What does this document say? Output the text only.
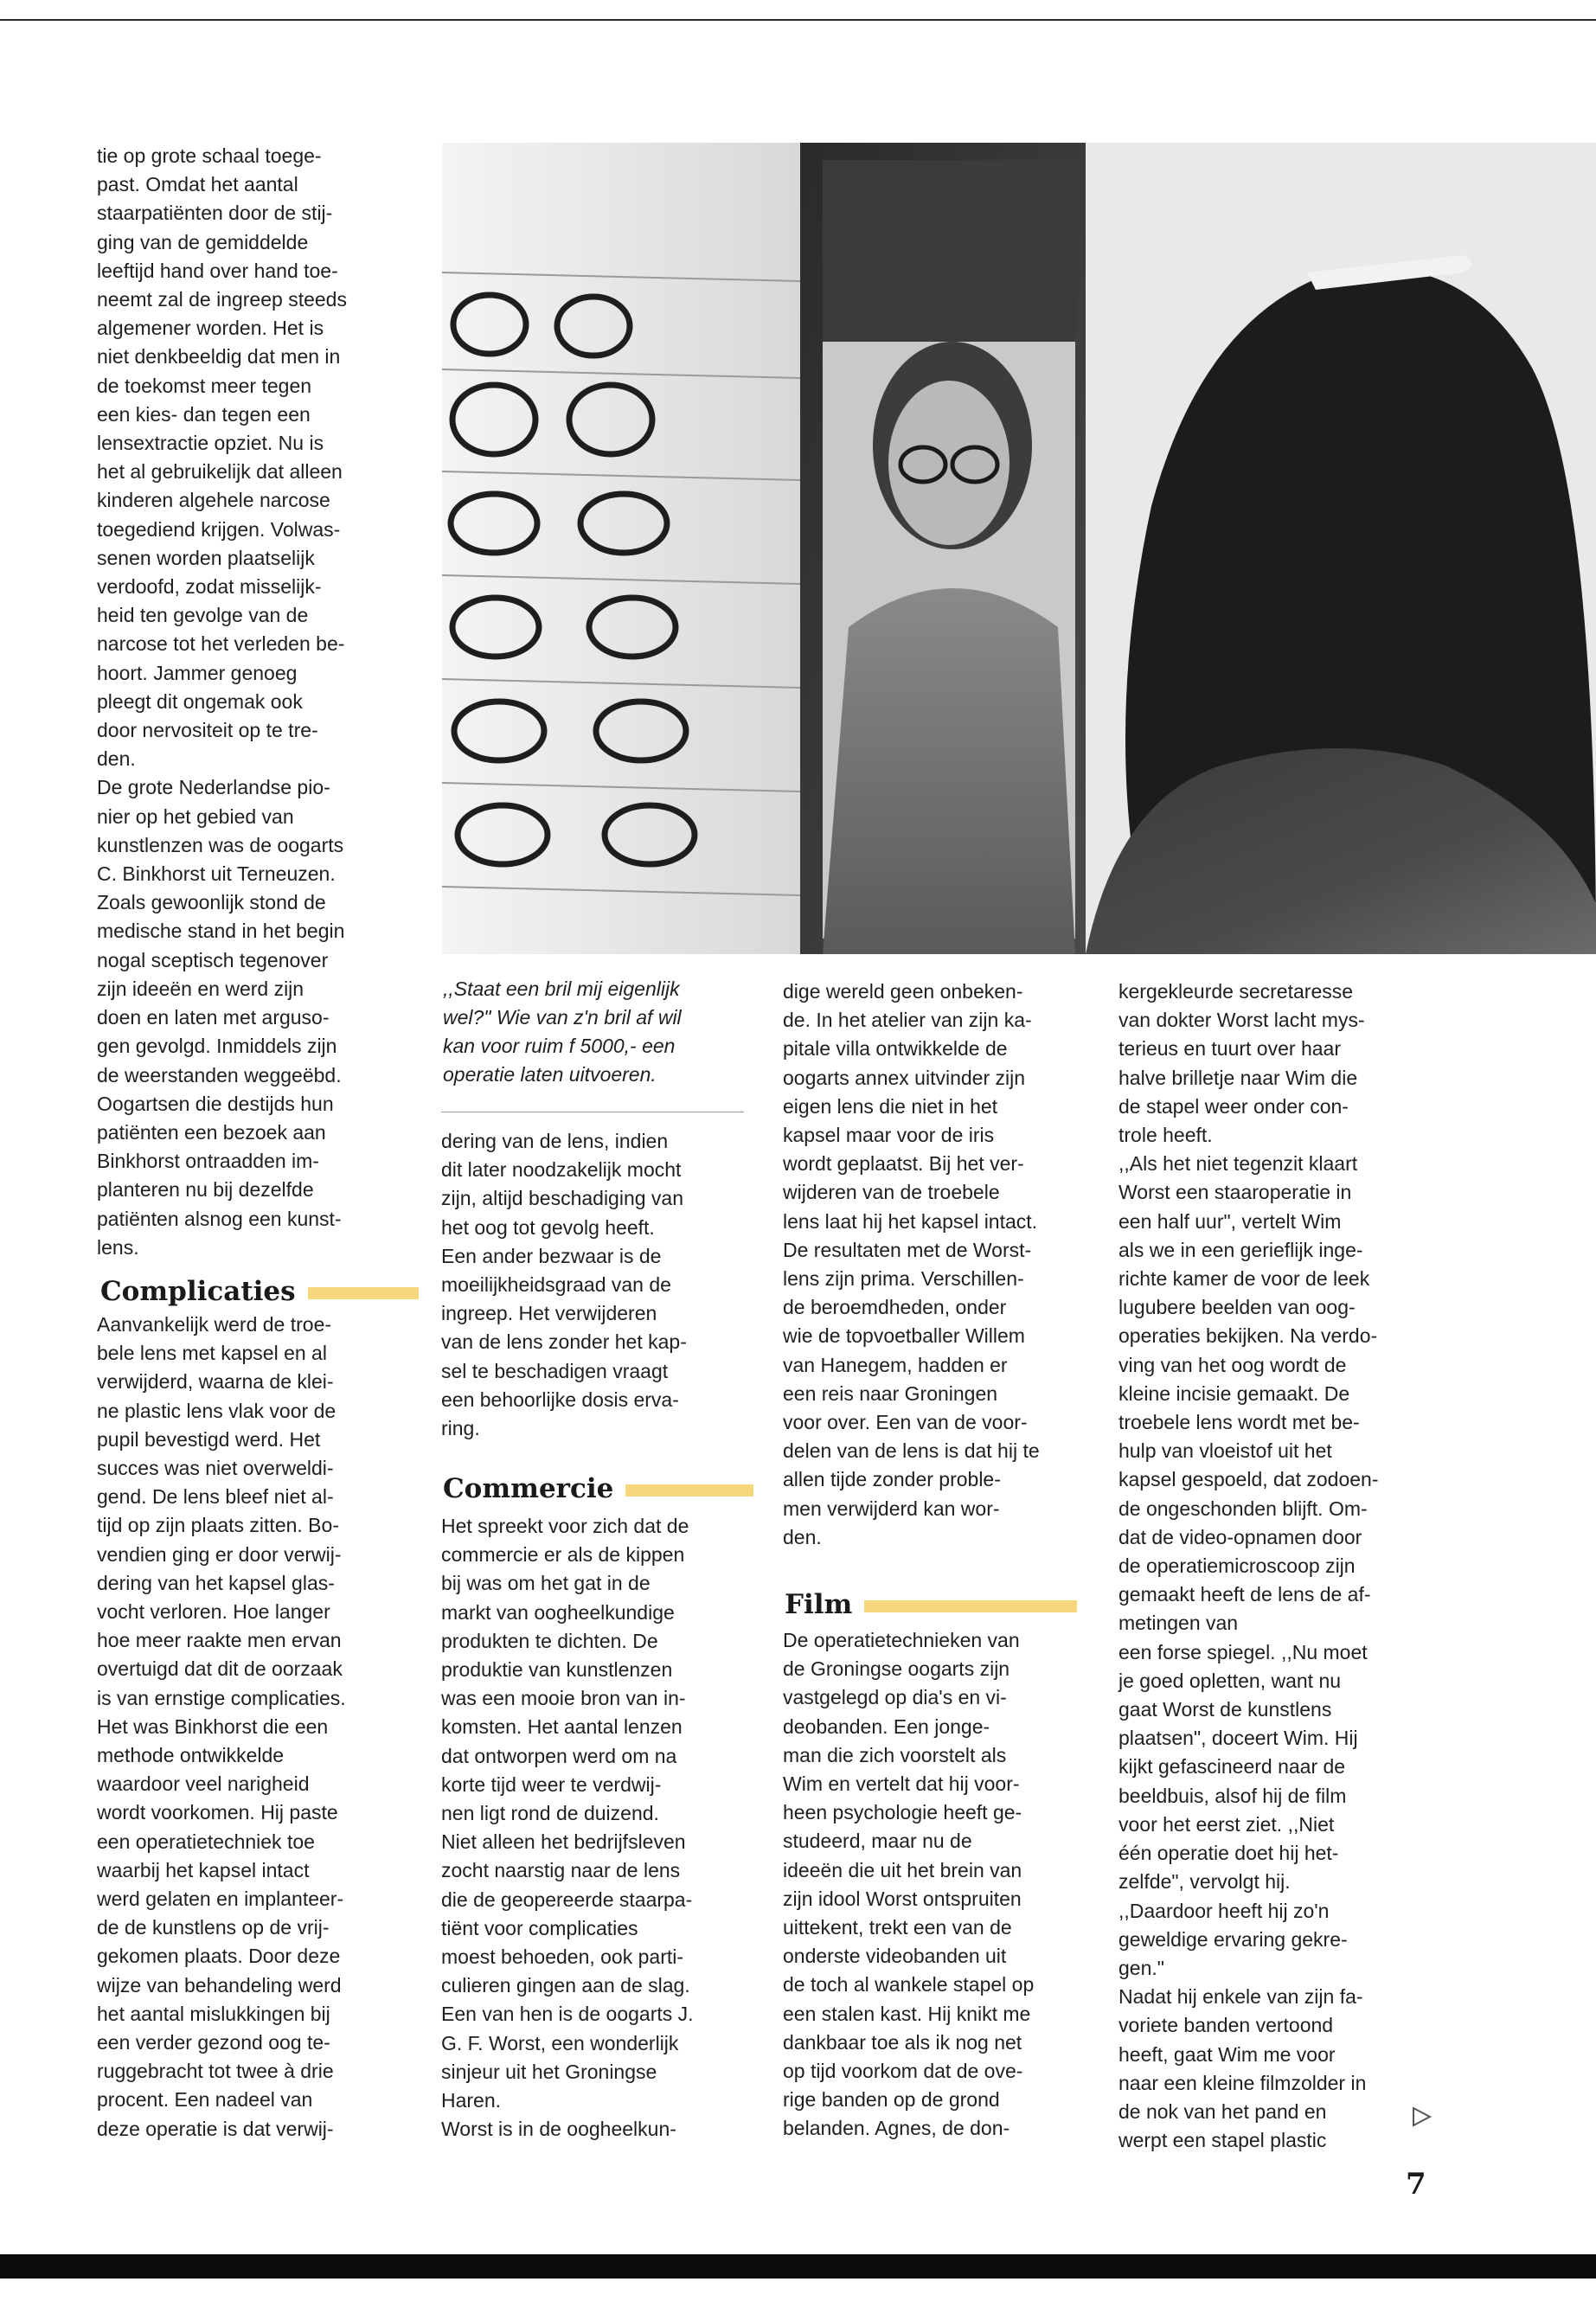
tie op grote schaal toege-
past. Omdat het aantal
staarpatiënten door de stij-
ging van de gemiddelde
leeftijd hand over hand toe-
neemt zal de ingreep steeds
algemener worden. Het is
niet denkbeeldig dat men in
de toekomst meer tegen
een kies- dan tegen een
lensextractie opziet. Nu is
het al gebruikelijk dat alleen
kinderen algehele narcose
toegediend krijgen. Volwas-
senen worden plaatselijk
verdoofd, zodat misselijk-
heid ten gevolge van de
narcose tot het verleden be-
hoort. Jammer genoeg
pleegt dit ongemak ook
door nervositeit op te tre-
den.
De grote Nederlandse pio-
nier op het gebied van
kunstlenzen was de oogarts
C. Binkhorst uit Terneuzen.
Zoals gewoonlijk stond de
medische stand in het begin
nogal sceptisch tegenover
zijn ideeën en werd zijn
doen en laten met arguso-
gen gevolgd. Inmiddels zijn
de weerstanden weggeëbd.
Oogartsen die destijds hun
patiënten een bezoek aan
Binkhorst ontraadden im-
planteren nu bij dezelfde
patiënten alsnog een kunst-
lens.

Complicaties

Aanvankelijk werd de troe-
bele lens met kapsel en al
verwijderd, waarna de klei-
ne plastic lens vlak voor de
pupil bevestigd werd. Het
succes was niet overweldi-
gend. De lens bleef niet al-
tijd op zijn plaats zitten. Bo-
vendien ging er door verwij-
dering van het kapsel glas-
vocht verloren. Hoe langer
hoe meer raakte men ervan
overtuigd dat dit de oorzaak
is van ernstige complicaties.
Het was Binkhorst die een
methode ontwikkelde
waardoor veel narigheid
wordt voorkomen. Hij paste
een operatietechniek toe
waarbij het kapsel intact
werd gelaten en implanteer-
de de kunstlens op de vrij-
gekomen plaats. Door deze
wijze van behandeling werd
het aantal mislukkingen bij
een verder gezond oog te-
ruggebracht tot twee à drie
procent. Een nadeel van
deze operatie is dat verwij-

,,Staat een bril mij eigenlijk
wel?" Wie van z'n bril af wil
kan voor ruim f 5000,- een
operatie laten uitvoeren.

dering van de lens, indien
dit later noodzakelijk mocht
zijn, altijd beschadiging van
het oog tot gevolg heeft.
Een ander bezwaar is de
moeilijkheidsgraad van de
ingreep. Het verwijderen
van de lens zonder het kap-
sel te beschadigen vraagt
een behoorlijke dosis erva-
ring.

Commercie

Het spreekt voor zich dat de
commercie er als de kippen
bij was om het gat in de
markt van oogheelkundige
produkten te dichten. De
produktie van kunstlenzen
was een mooie bron van in-
komsten. Het aantal lenzen
dat ontworpen werd om na
korte tijd weer te verdwij-
nen ligt rond de duizend.
Niet alleen het bedrijfsleven
zocht naarstig naar de lens
die de geopereerde staarpa-
tiënt voor complicaties
moest behoeden, ook parti-
culieren gingen aan de slag.
Een van hen is de oogarts J.
G. F. Worst, een wonderlijk
sinjeur uit het Groningse
Haren.
Worst is in de oogheelkun-

dige wereld geen onbeken-
de. In het atelier van zijn ka-
pitale villa ontwikkelde de
oogarts annex uitvinder zijn
eigen lens die niet in het
kapsel maar voor de iris
wordt geplaatst. Bij het ver-
wijderen van de troebele
lens laat hij het kapsel intact.
De resultaten met de Worst-
lens zijn prima. Verschillen-
de beroemdheden, onder
wie de topvoetballer Willem
van Hanegem, hadden er
een reis naar Groningen
voor over. Een van de voor-
delen van de lens is dat hij te
allen tijde zonder proble-
men verwijderd kan wor-
den.

Film

De operatietechnieken van
de Groningse oogarts zijn
vastgelegd op dia's en vi-
deobanden. Een jonge-
man die zich voorstelt als
Wim en vertelt dat hij voor-
heen psychologie heeft ge-
studeerd, maar nu de
ideeën die uit het brein van
zijn idool Worst ontspruiten
uittekent, trekt een van de
onderste videobanden uit
de toch al wankele stapel op
een stalen kast. Hij knikt me
dankbaar toe als ik nog net
op tijd voorkom dat de ove-
rige banden op de grond
belanden. Agnes, de don-

kergekleurde secretaresse
van dokter Worst lacht mys-
terieus en tuurt over haar
halve brilletje naar Wim die
de stapel weer onder con-
trole heeft.
,,Als het niet tegenzit klaart
Worst een staaroperatie in
een half uur", vertelt Wim
als we in een gerieflijk inge-
richte kamer de voor de leek
lugubere beelden van oog-
operaties bekijken. Na verdo-
ving van het oog wordt de
kleine incisie gemaakt. De
troebele lens wordt met be-
hulp van vloeistof uit het
kapsel gespoeld, dat zodoen-
de ongeschonden blijft. Om-
dat de video-opnamen door
de operatiemicroscoop zijn
gemaakt heeft de lens de af-
metingen van
een forse spiegel. ,,Nu moet
je goed opletten, want nu
gaat Worst de kunstlens
plaatsen", doceert Wim. Hij
kijkt gefascineerd naar de
beeldbuis, alsof hij de film
voor het eerst ziet. ,,Niet
één operatie doet hij het-
zelfde", vervolgt hij.
,,Daardoor heeft hij zo'n
geweldige ervaring gekre-
gen."
Nadat hij enkele van zijn fa-
voriete banden vertoond
heeft, gaat Wim me voor
naar een kleine filmzolder in
de nok van het pand en
werpt een stapel plastic

7
